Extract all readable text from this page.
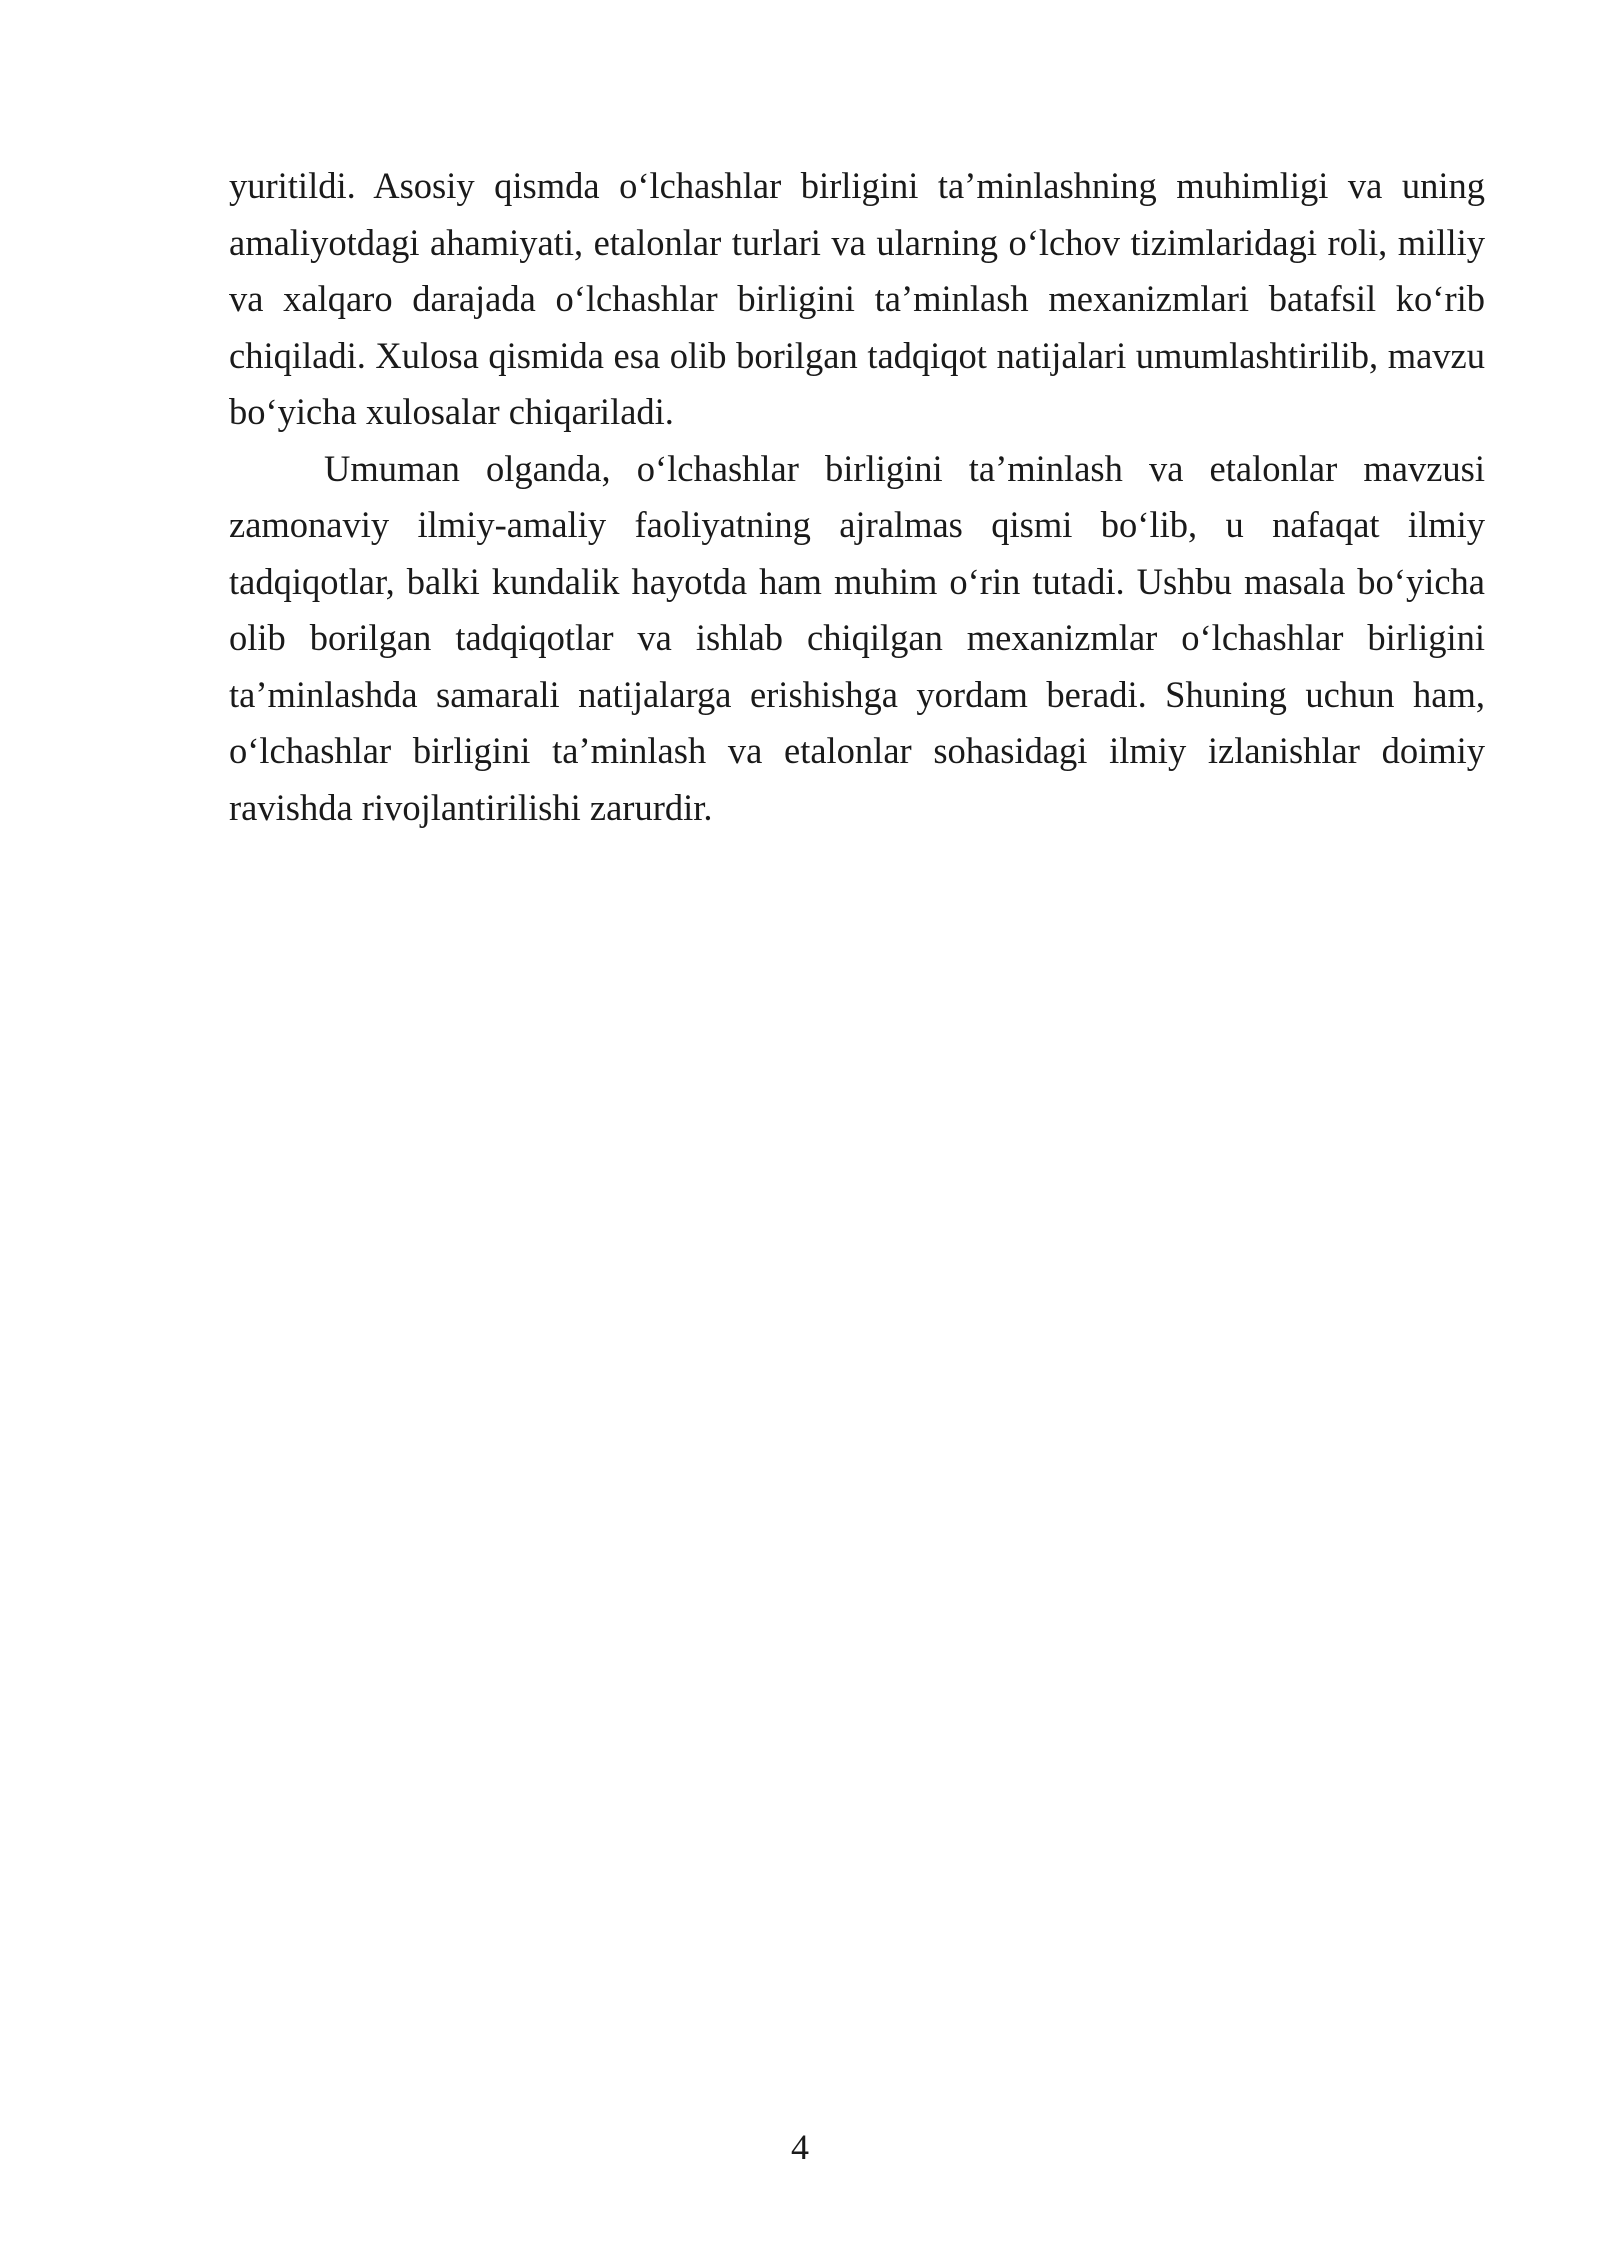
yuritildi. Asosiy qismda o‘lchashlar birligini ta’minlashning muhimligi va uning amaliyotdagi ahamiyati, etalonlar turlari va ularning o‘lchov tizimlaridagi roli, milliy va xalqaro darajada o‘lchashlar birligini ta’minlash mexanizmlari batafsil ko‘rib chiqiladi. Xulosa qismida esa olib borilgan tadqiqot natijalari umumlashtirilib, mavzu bo‘yicha xulosalar chiqariladi.

Umuman olganda, o‘lchashlar birligini ta’minlash va etalonlar mavzusi zamonaviy ilmiy-amaliy faoliyatning ajralmas qismi bo‘lib, u nafaqat ilmiy tadqiqotlar, balki kundalik hayotda ham muhim o‘rin tutadi. Ushbu masala bo‘yicha olib borilgan tadqiqotlar va ishlab chiqilgan mexanizmlar o‘lchashlar birligini ta’minlashda samarali natijalarga erishishga yordam beradi. Shuning uchun ham, o‘lchashlar birligini ta’minlash va etalonlar sohasidagi ilmiy izlanishlar doimiy ravishda rivojlantirilishi zarurdir.

4
